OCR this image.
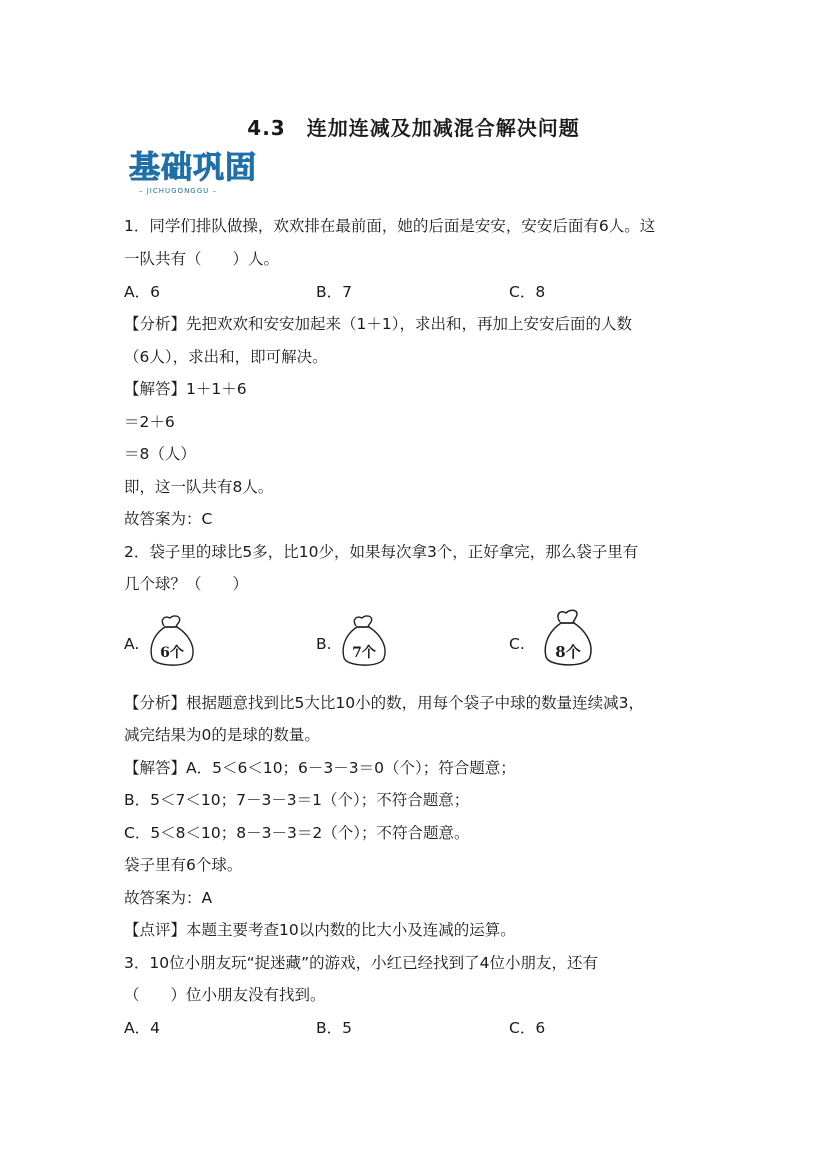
4.3　连加连减及加减混合解决问题
基础巩固
– JICHUGONGGU –
1．同学们排队做操，欢欢排在最前面，她的后面是安安，安安后面有6人。这
一队共有（　　）人。
A．6	B．7	C．8
【分析】先把欢欢和安安加起来（1＋1），求出和，再加上安安后面的人数
（6人），求出和，即可解决。
【解答】1＋1＋6
＝2＋6
＝8（人）
即，这一队共有8人。
故答案为：C
2．袋子里的球比5多，比10少，如果每次拿3个，正好拿完，那么袋子里有
几个球？（　　）
A.	6个	B.	7个	C.	8个
【分析】根据题意找到比5大比10小的数，用每个袋子中球的数量连续减3，
减完结果为0的是球的数量。
【解答】A．5＜6＜10；6－3－3＝0（个）；符合题意；
B．5＜7＜10；7－3－3＝1（个）；不符合题意；
C．5＜8＜10；8－3－3＝2（个）；不符合题意。
袋子里有6个球。
故答案为：A
【点评】本题主要考查10以内数的比大小及连减的运算。
3．10位小朋友玩“捉迷藏”的游戏，小红已经找到了4位小朋友，还有
（　　）位小朋友没有找到。
A．4	B．5	C．6
